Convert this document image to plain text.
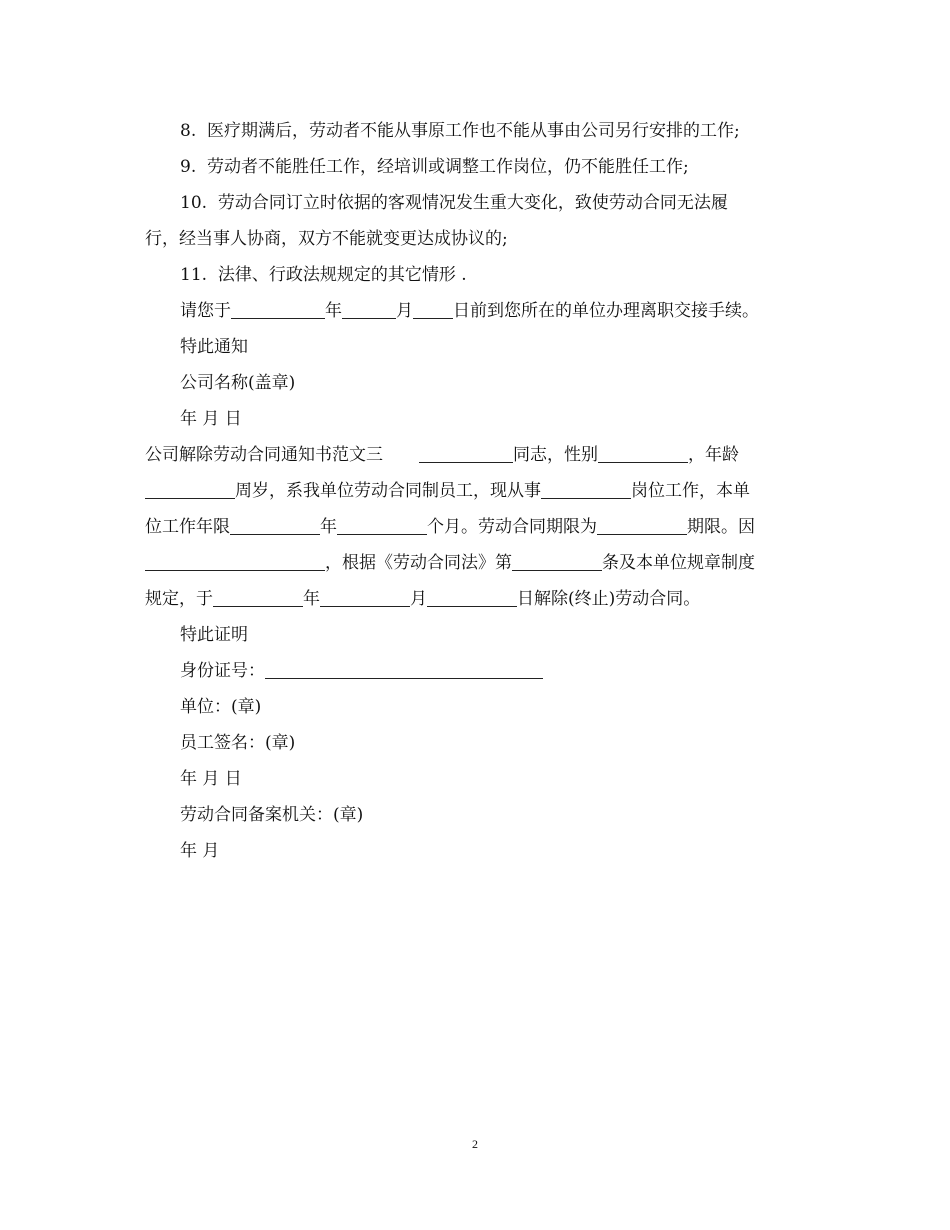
8. 医疗期满后，劳动者不能从事原工作也不能从事由公司另行安排的工作;

9. 劳动者不能胜任工作，经培训或调整工作岗位，仍不能胜任工作;

10. 劳动合同订立时依据的客观情况发生重大变化，致使劳动合同无法履

行，经当事人协商，双方不能就变更达成协议的;

11. 法律、行政法规规定的其它情形 .

请您于	年	月 日前到您所在的单位办理离职交接手续。

特此通知

公司名称(盖章)

年 月 日

公司解除劳动合同通知书范文三	同志，性别	，年龄

周岁，系我单位劳动合同制员工，现从事	岗位工作，本单

位工作年限	年	个月。劳动合同期限为	期限。因

，根据《劳动合同法》第	条及本单位规章制度

规定，于	年	月	日解除(终止)劳动合同。

特此证明

身份证号：

单位：(章)

员工签名：(章)

年 月 日

劳动合同备案机关：(章)

年 月

2
